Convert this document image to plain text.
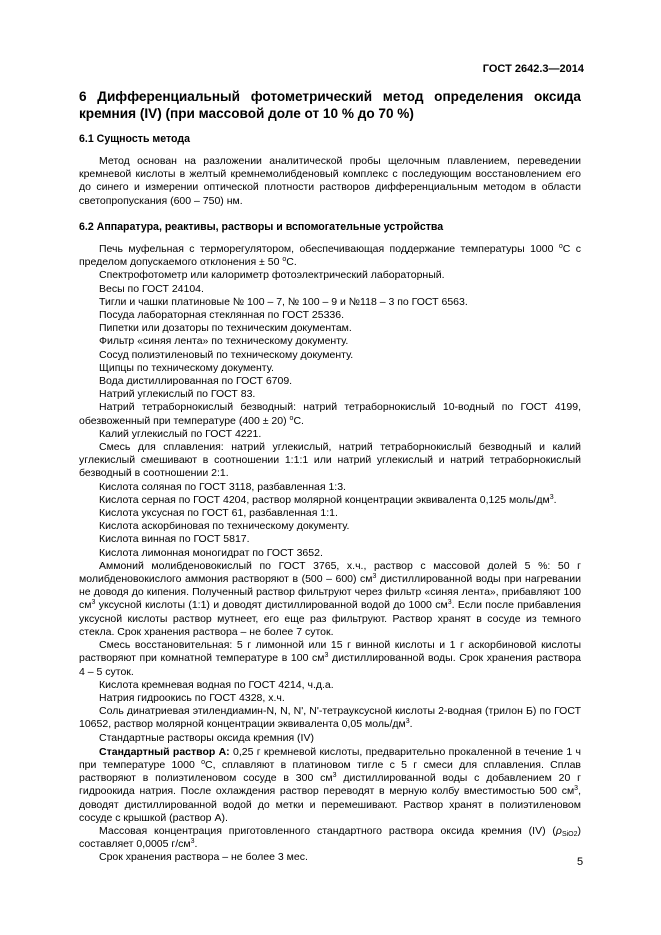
ГОСТ 2642.3—2014
6 Дифференциальный фотометрический метод определения оксида кремния (IV) (при массовой доле от 10 % до 70 %)
6.1 Сущность метода

Метод основан на разложении аналитической пробы щелочным плавлением, переведении кремневой кислоты в желтый кремнемолибденовый комплекс с последующим восстановлением его до синего и измерении оптической плотности растворов дифференциальным методом в области светопропускания (600 – 750) нм.

6.2 Аппаратура, реактивы, растворы и вспомогательные устройства

Печь муфельная с терморегулятором, обеспечивающая поддержание температуры 1000 $^o$С с пределом допускаемого отклонения ± 50 $^o$С.

Спектрофотометр или калориметр фотоэлектрический лабораторный.

Весы по ГОСТ 24104.

Тигли и чашки платиновые № 100 – 7, № 100 – 9 и №118 – 3 по ГОСТ 6563.

Посуда лабораторная стеклянная по ГОСТ 25336.

Пипетки или дозаторы по техническим документам.

Фильтр «синяя лента» по техническому документу.

Сосуд полиэтиленовый по техническому документу.

Щипцы по техническому документу.

Вода дистиллированная по ГОСТ 6709.

Натрий углекислый по ГОСТ 83.

Натрий тетраборнокислый безводный: натрий тетраборнокислый 10-водный по ГОСТ 4199, обезвоженный при температуре (400 ± 20) $^o$С.

Калий углекислый по ГОСТ 4221.

Смесь для сплавления: натрий углекислый, натрий тетраборнокислый безводный и калий углекислый смешивают в соотношении 1:1:1 или натрий углекислый и натрий тетраборнокислый безводный в соотношении 2:1.

Кислота соляная по ГОСТ 3118, разбавленная 1:3.

Кислота серная по ГОСТ 4204, раствор молярной концентрации эквивалента 0,125 моль/$дм^3$.

Кислота уксусная по ГОСТ 61, разбавленная 1:1.

Кислота аскорбиновая по техническому документу.

Кислота винная по ГОСТ 5817.

Кислота лимонная моногидрат по ГОСТ 3652.

Аммоний молибденовокислый по ГОСТ 3765, х.ч., раствор с массовой долей 5 %: 50 г молибденовокислого аммония растворяют в (500 – 600) $см^3$ дистиллированной воды при нагревании не доводя до кипения. Полученный раствор фильтруют через фильтр «синяя лента», прибавляют 100 $см^3$ уксусной кислоты (1:1) и доводят дистиллированной водой до 1000 $см^3$. Если после прибавления уксусной кислоты раствор мутнеет, его еще раз фильтруют. Раствор хранят в сосуде из темного стекла. Срок хранения раствора – не более 7 суток.

Смесь восстановительная: 5 г лимонной или 15 г винной кислоты и 1 г аскорбиновой кислоты растворяют при комнатной температуре в 100 $см^3$ дистиллированной воды. Срок хранения раствора 4 – 5 суток.

Кислота кремневая водная по ГОСТ 4214, ч.д.а.

Натрия гидроокись по ГОСТ 4328, х.ч.

Соль динатриевая этилендиамин-N, N, N', N'-тетрауксусной кислоты 2-водная (трилон Б) по ГОСТ 10652, раствор молярной концентрации эквивалента 0,05 моль/$дм^3$.

Стандартные растворы оксида кремния (IV)

Стандартный раствор А: 0,25 г кремневой кислоты, предварительно прокаленной в течение 1 ч при температуре 1000 $^o$С, сплавляют в платиновом тигле с 5 г смеси для сплавления. Сплав растворяют в полиэтиленовом сосуде в 300 $см^3$ дистиллированной воды с добавлением 20 г гидроокида натрия. После охлаждения раствор переводят в мерную колбу вместимостью 500 $см^3$, доводят дистиллированной водой до метки и перемешивают. Раствор хранят в полиэтиленовом сосуде с крышкой (раствор А).

Массовая концентрация приготовленного стандартного раствора оксида кремния (IV) $(\rho_{SiO2})$ составляет 0,0005 $г/см^3$.

Срок хранения раствора – не более 3 мес.	5
